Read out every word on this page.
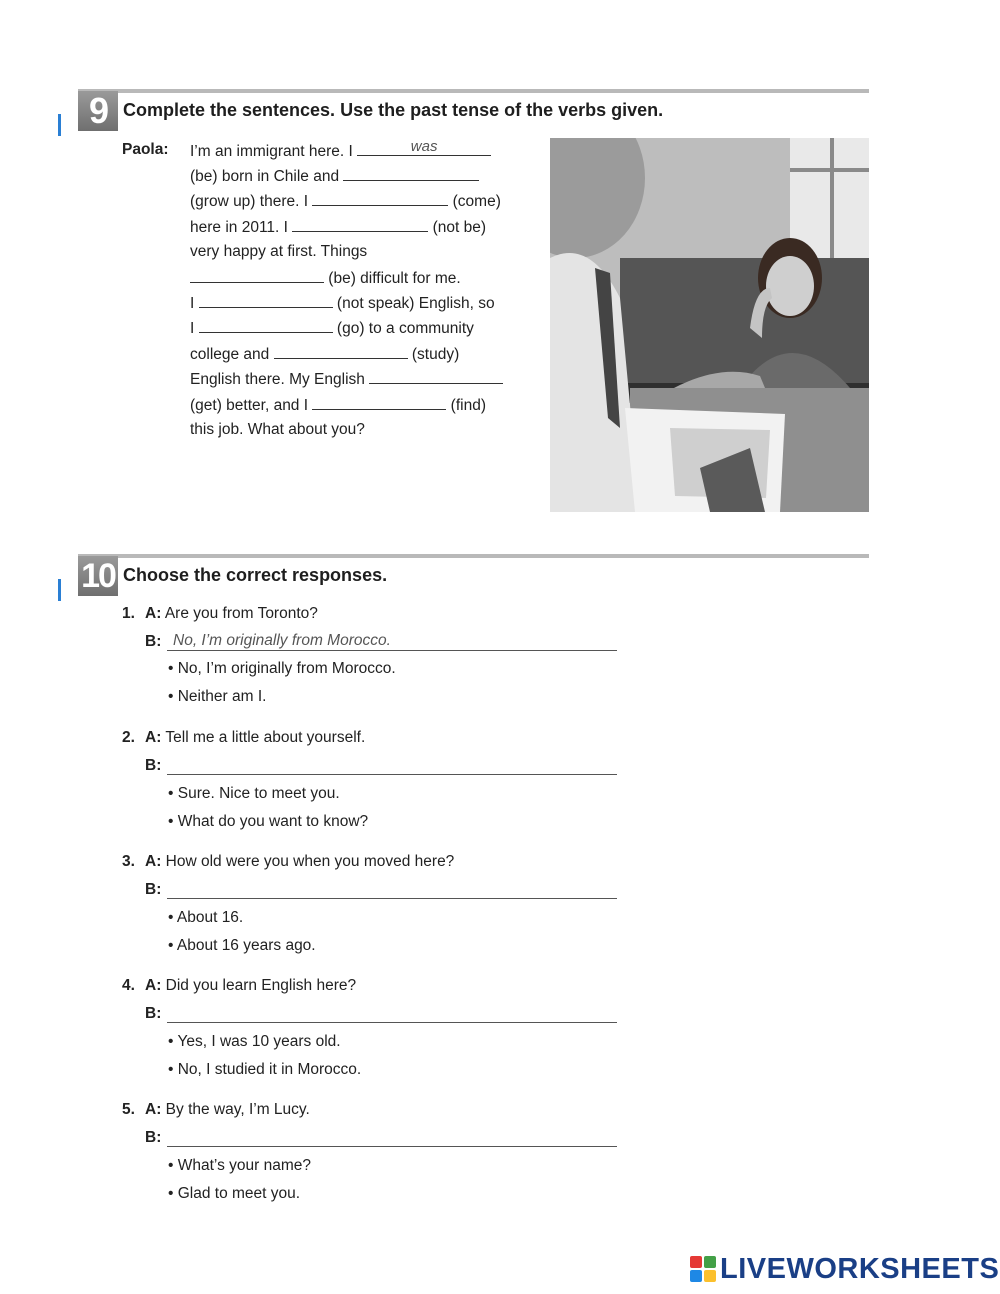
9 Complete the sentences. Use the past tense of the verbs given.
Paola: I’m an immigrant here. I	was
(be) born in Chile and
(grow up) there. I	(come)
here in 2011. I	(not be)
very happy at first. Things
(be) difficult for me.
I	(not speak) English, so
I	(go) to a community
college and	(study)
English there. My English
(get) better, and I	(find)
this job. What about you?
10 Choose the correct responses.
1. A: Are you from Toronto?
B: No, I’m originally from Morocco.
• No, I’m originally from Morocco.
• Neither am I.
2. A: Tell me a little about yourself.
B:
• Sure. Nice to meet you.
• What do you want to know?
3. A: How old were you when you moved here?
B:
• About 16.
• About 16 years ago.
4. A: Did you learn English here?
B:
• Yes, I was 10 years old.
• No, I studied it in Morocco.
5. A: By the way, I’m Lucy.
B:
• What’s your name?
• Glad to meet you.
LIVEWORKSHEETS
